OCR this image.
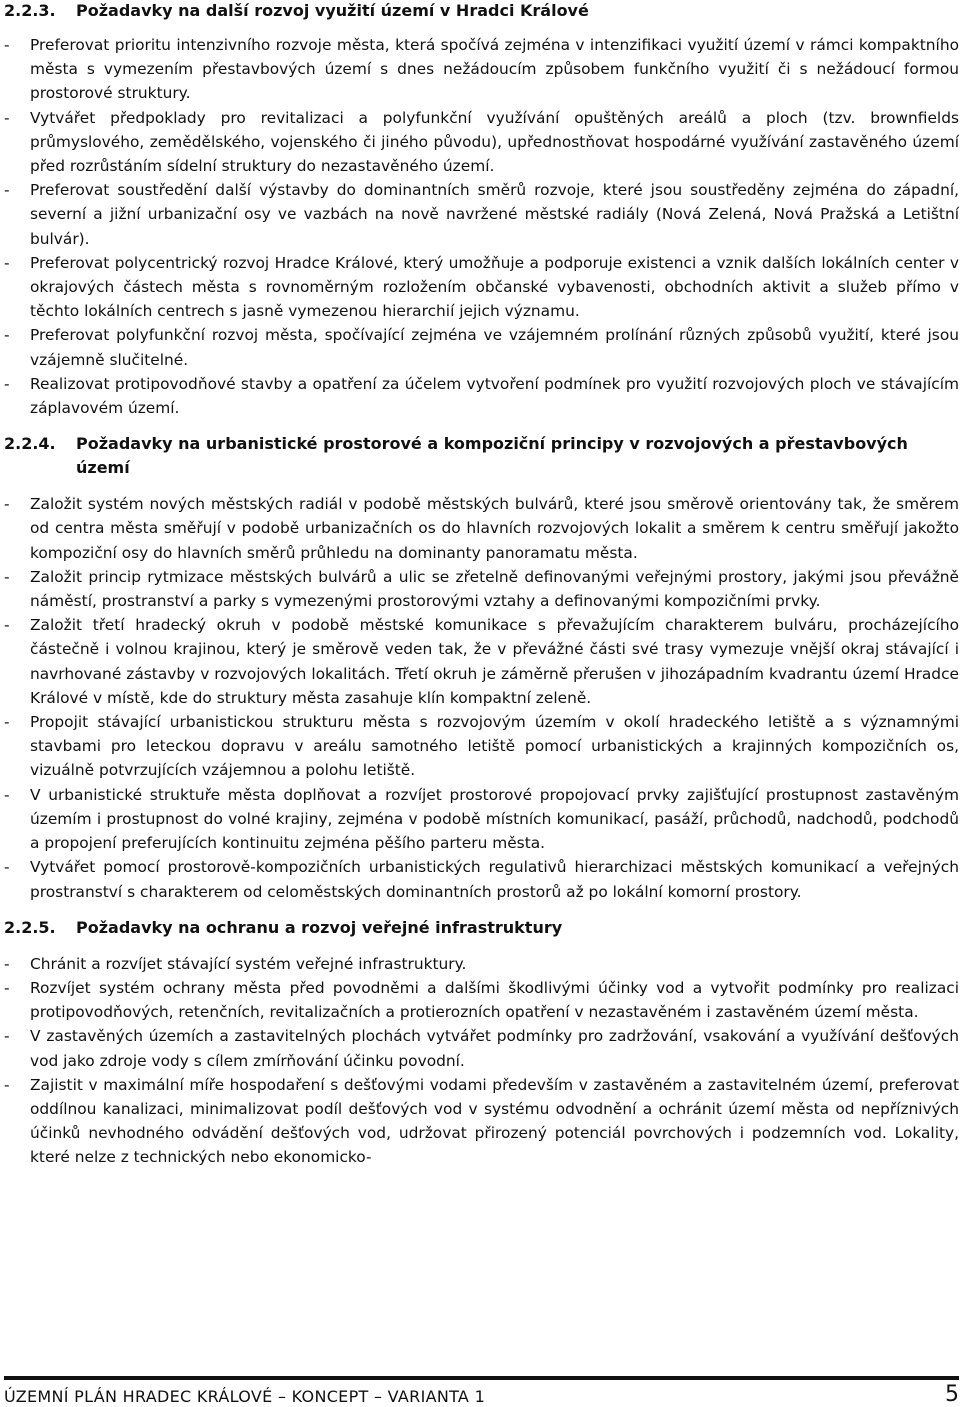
2.2.3.	Požadavky na další rozvoj využití území v Hradci Králové
-	Preferovat prioritu intenzivního rozvoje města, která spočívá zejména v intenzifikaci využití území v rámci kompaktního města s vymezením přestavbových území s dnes nežádoucím způsobem funkčního využití či s nežádoucí formou prostorové struktury.
-	Vytvářet předpoklady pro revitalizaci a polyfunkční využívání opuštěných areálů a ploch (tzv. brownfields průmyslového, zemědělského, vojenského či jiného původu), upřednostňovat hospodárné využívání zastavěného území před rozrůstáním sídelní struktury do nezastavěného území.
-	Preferovat soustředění další výstavby do dominantních směrů rozvoje, které jsou soustředěny zejména do západní, severní a jižní urbanizační osy ve vazbách na nově navržené městské radiály (Nová Zelená, Nová Pražská a Letištní bulvár).
-	Preferovat polycentrický rozvoj Hradce Králové, který umožňuje a podporuje existenci a vznik dalších lokálních center v okrajových částech města s rovnoměrným rozložením občanské vybavenosti, obchodních aktivit a služeb přímo v těchto lokálních centrech s jasně vymezenou hierarchií jejich významu.
-	Preferovat polyfunkční rozvoj města, spočívající zejména ve vzájemném prolínání různých způsobů využití, které jsou vzájemně slučitelné.
-	Realizovat protipovodňové stavby a opatření za účelem vytvoření podmínek pro využití rozvojových ploch ve stávajícím záplavovém území.
2.2.4.	Požadavky na urbanistické prostorové a kompoziční principy v rozvojových a přestavbových území
-	Založit systém nových městských radiál v podobě městských bulvárů, které jsou směrově orientovány tak, že směrem od centra města směřují v podobě urbanizačních os do hlavních rozvojových lokalit a směrem k centru směřují jakožto kompoziční osy do hlavních směrů průhledu na dominanty panoramatu města.
-	Založit princip rytmizace městských bulvárů a ulic se zřetelně definovanými veřejnými prostory, jakými jsou převážně náměstí, prostranství a parky s vymezenými prostorovými vztahy a definovanými kompozičními prvky.
-	Založit třetí hradecký okruh v podobě městské komunikace s převažujícím charakterem bulváru, procházejícího částečně i volnou krajinou, který je směrově veden tak, že v převážné části své trasy vymezuje vnější okraj stávající i navrhované zástavby v rozvojových lokalitách. Třetí okruh je záměrně přerušen v jihozápadním kvadrantu území Hradce Králové v místě, kde do struktury města zasahuje klín kompaktní zeleně.
-	Propojit stávající urbanistickou strukturu města s rozvojovým územím v okolí hradeckého letiště a s významnými stavbami pro leteckou dopravu v areálu samotného letiště pomocí urbanistických a krajinných kompozičních os, vizuálně potvrzujících vzájemnou a polohu letiště.
-	V urbanistické struktuře města doplňovat a rozvíjet prostorové propojovací prvky zajišťující prostupnost zastavěným územím i prostupnost do volné krajiny, zejména v podobě místních komunikací, pasáží, průchodů, nadchodů, podchodů a propojení preferujících kontinuitu zejména pěšího parteru města.
-	Vytvářet pomocí prostorově-kompozičních urbanistických regulativů hierarchizaci městských komunikací a veřejných prostranství s charakterem od celoměstských dominantních prostorů až po lokální komorní prostory.
2.2.5.	Požadavky na ochranu a rozvoj veřejné infrastruktury
-	Chránit a rozvíjet stávající systém veřejné infrastruktury.
-	Rozvíjet systém ochrany města před povodněmi a dalšími škodlivými účinky vod a vytvořit podmínky pro realizaci protipovodňových, retenčních, revitalizačních a protierozních opatření v nezastavěném i zastavěném území města.
-	V zastavěných územích a zastavitelných plochách vytvářet podmínky pro zadržování, vsakování a využívání dešťových vod jako zdroje vody s cílem zmírňování účinku povodní.
-	Zajistit v maximální míře hospodaření s dešťovými vodami především v zastavěném a zastavitelném území, preferovat oddílnou kanalizaci, minimalizovat podíl dešťových vod v systému odvodnění a ochránit území města od nepříznivých účinků nevhodného odvádění dešťových vod, udržovat přirozený potenciál povrchových i podzemních vod. Lokality, které nelze z technických nebo ekonomicko-
ÚZEMNÍ PLÁN HRADEC KRÁLOVÉ – KONCEPT – VARIANTA 1	5
